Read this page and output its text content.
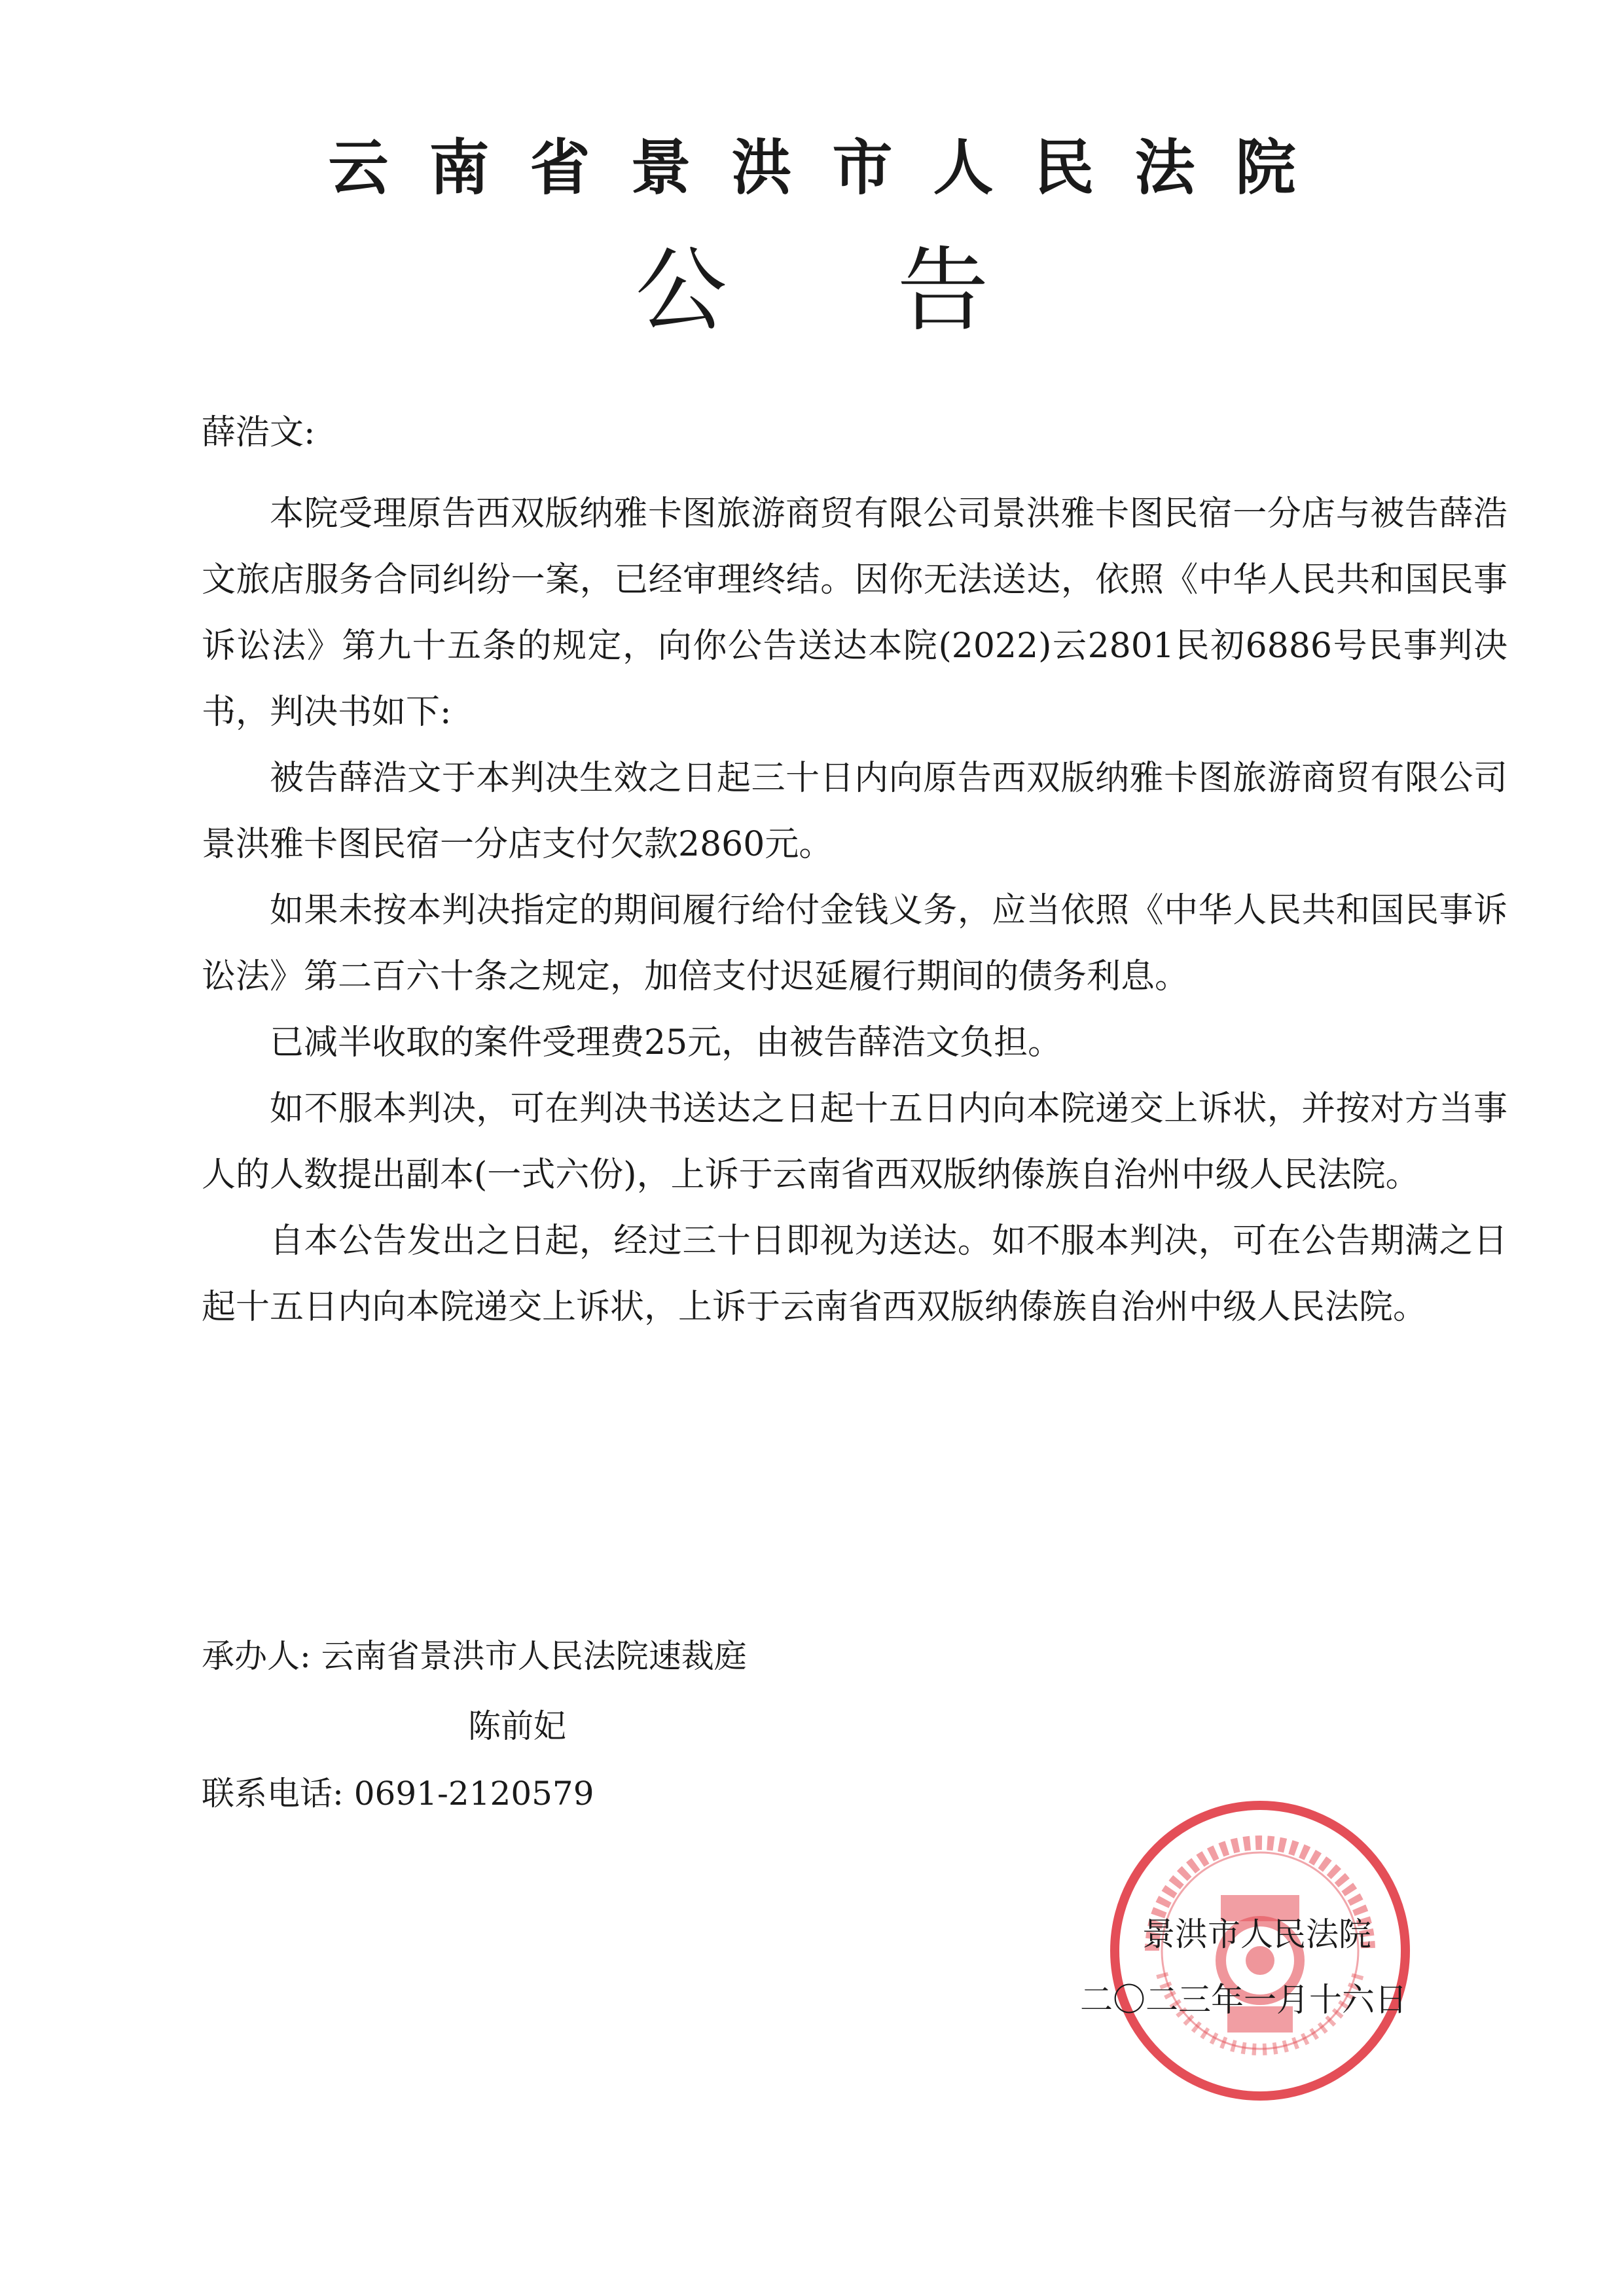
云南省景洪市人民法院
公告
薛浩文:

本院受理原告西双版纳雅卡图旅游商贸有限公司景洪雅卡图民宿一分店与被告薛浩文旅店服务合同纠纷一案，已经审理终结。因你无法送达，依照《中华人民共和国民事诉讼法》第九十五条的规定，向你公告送达本院(2022)云2801民初6886号民事判决书，判决书如下:

被告薛浩文于本判决生效之日起三十日内向原告西双版纳雅卡图旅游商贸有限公司景洪雅卡图民宿一分店支付欠款2860元。

如果未按本判决指定的期间履行给付金钱义务，应当依照《中华人民共和国民事诉讼法》第二百六十条之规定，加倍支付迟延履行期间的债务利息。

已减半收取的案件受理费25元，由被告薛浩文负担。

如不服本判决，可在判决书送达之日起十五日内向本院递交上诉状，并按对方当事人的人数提出副本(一式六份)，上诉于云南省西双版纳傣族自治州中级人民法院。

自本公告发出之日起，经过三十日即视为送达。如不服本判决，可在公告期满之日起十五日内向本院递交上诉状，上诉于云南省西双版纳傣族自治州中级人民法院。

承办人: 云南省景洪市人民法院速裁庭
陈前妃
联系电话: 0691-2120579
景洪市人民法院
二〇二三年一月十六日
